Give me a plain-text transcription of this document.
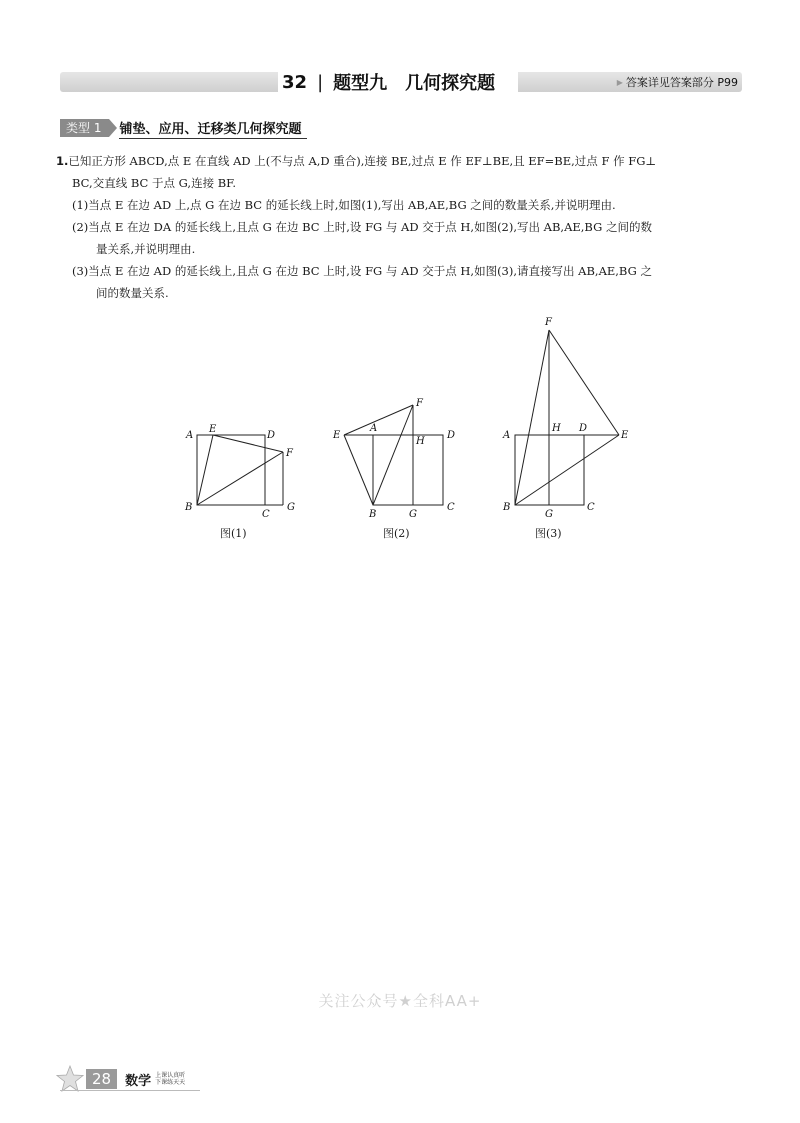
32 | 题型九　几何探究题	▶ 答案详见答案部分 P99
类型 1	铺垫、应用、迁移类几何探究题
1.已知正方形 ABCD,点 E 在直线 AD 上(不与点 A,D 重合),连接 BE,过点 E 作 EF⊥BE,且 EF=BE,过点 F 作 FG⊥
BC,交直线 BC 于点 G,连接 BF.
(1)当点 E 在边 AD 上,点 G 在边 BC 的延长线上时,如图(1),写出 AB,AE,BG 之间的数量关系,并说明理由.
(2)当点 E 在边 DA 的延长线上,且点 G 在边 BC 上时,设 FG 与 AD 交于点 H,如图(2),写出 AB,AE,BG 之间的数
量关系,并说明理由.
(3)当点 E 在边 AD 的延长线上,且点 G 在边 BC 上时,设 FG 与 AD 交于点 H,如图(3),请直接写出 AB,AE,BG 之
间的数量关系.
A
E
D
F
B
C
G
图(1)
E
A
F
H
D
B	G
C
图(2)
F
A
H D
E
B
G
C
图(3)
关注公众号★全科AA+
28	数学 上课认真听
下课练天天
